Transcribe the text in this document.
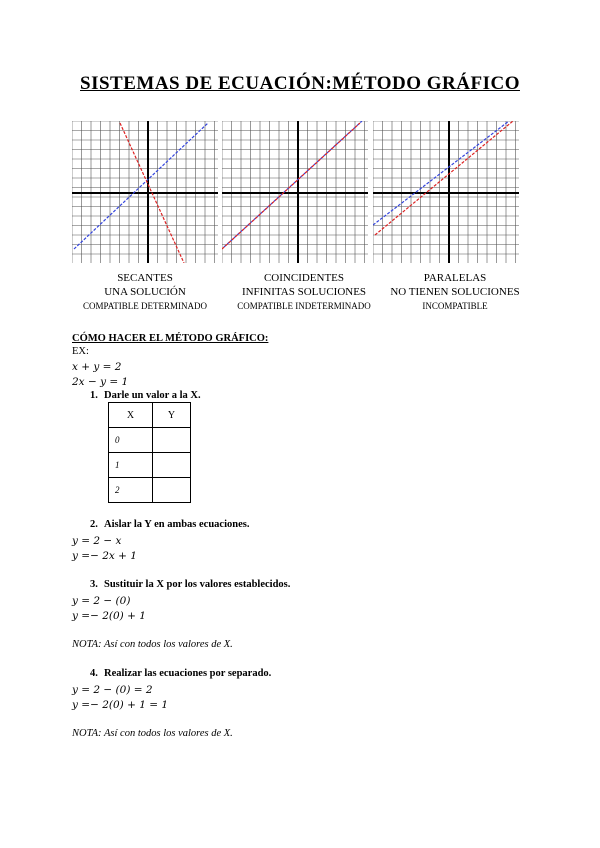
SISTEMAS DE ECUACIÓN:MÉTODO GRÁFICO
SECANTES
UNA SOLUCIÓN
COMPATIBLE DETERMINADO
COINCIDENTES
INFINITAS SOLUCIONES
COMPATIBLE INDETERMINADO
PARALELAS
NO TIENEN SOLUCIONES
INCOMPATIBLE
CÓMO HACER EL MÉTODO GRÁFICO:
EX:
x + y = 2
2x − y = 1
1. Darle un valor a la X.
X	Y
0	
1	
2	
2. Aislar la Y en ambas ecuaciones.
y = 2 − x
y =− 2x + 1
3. Sustituir la X por los valores establecidos.
y = 2 − (0)
y =− 2(0) + 1
NOTA: Así con todos los valores de X.
4. Realizar las ecuaciones por separado.
y = 2 − (0) = 2
y =− 2(0) + 1 = 1
NOTA: Así con todos los valores de X.
